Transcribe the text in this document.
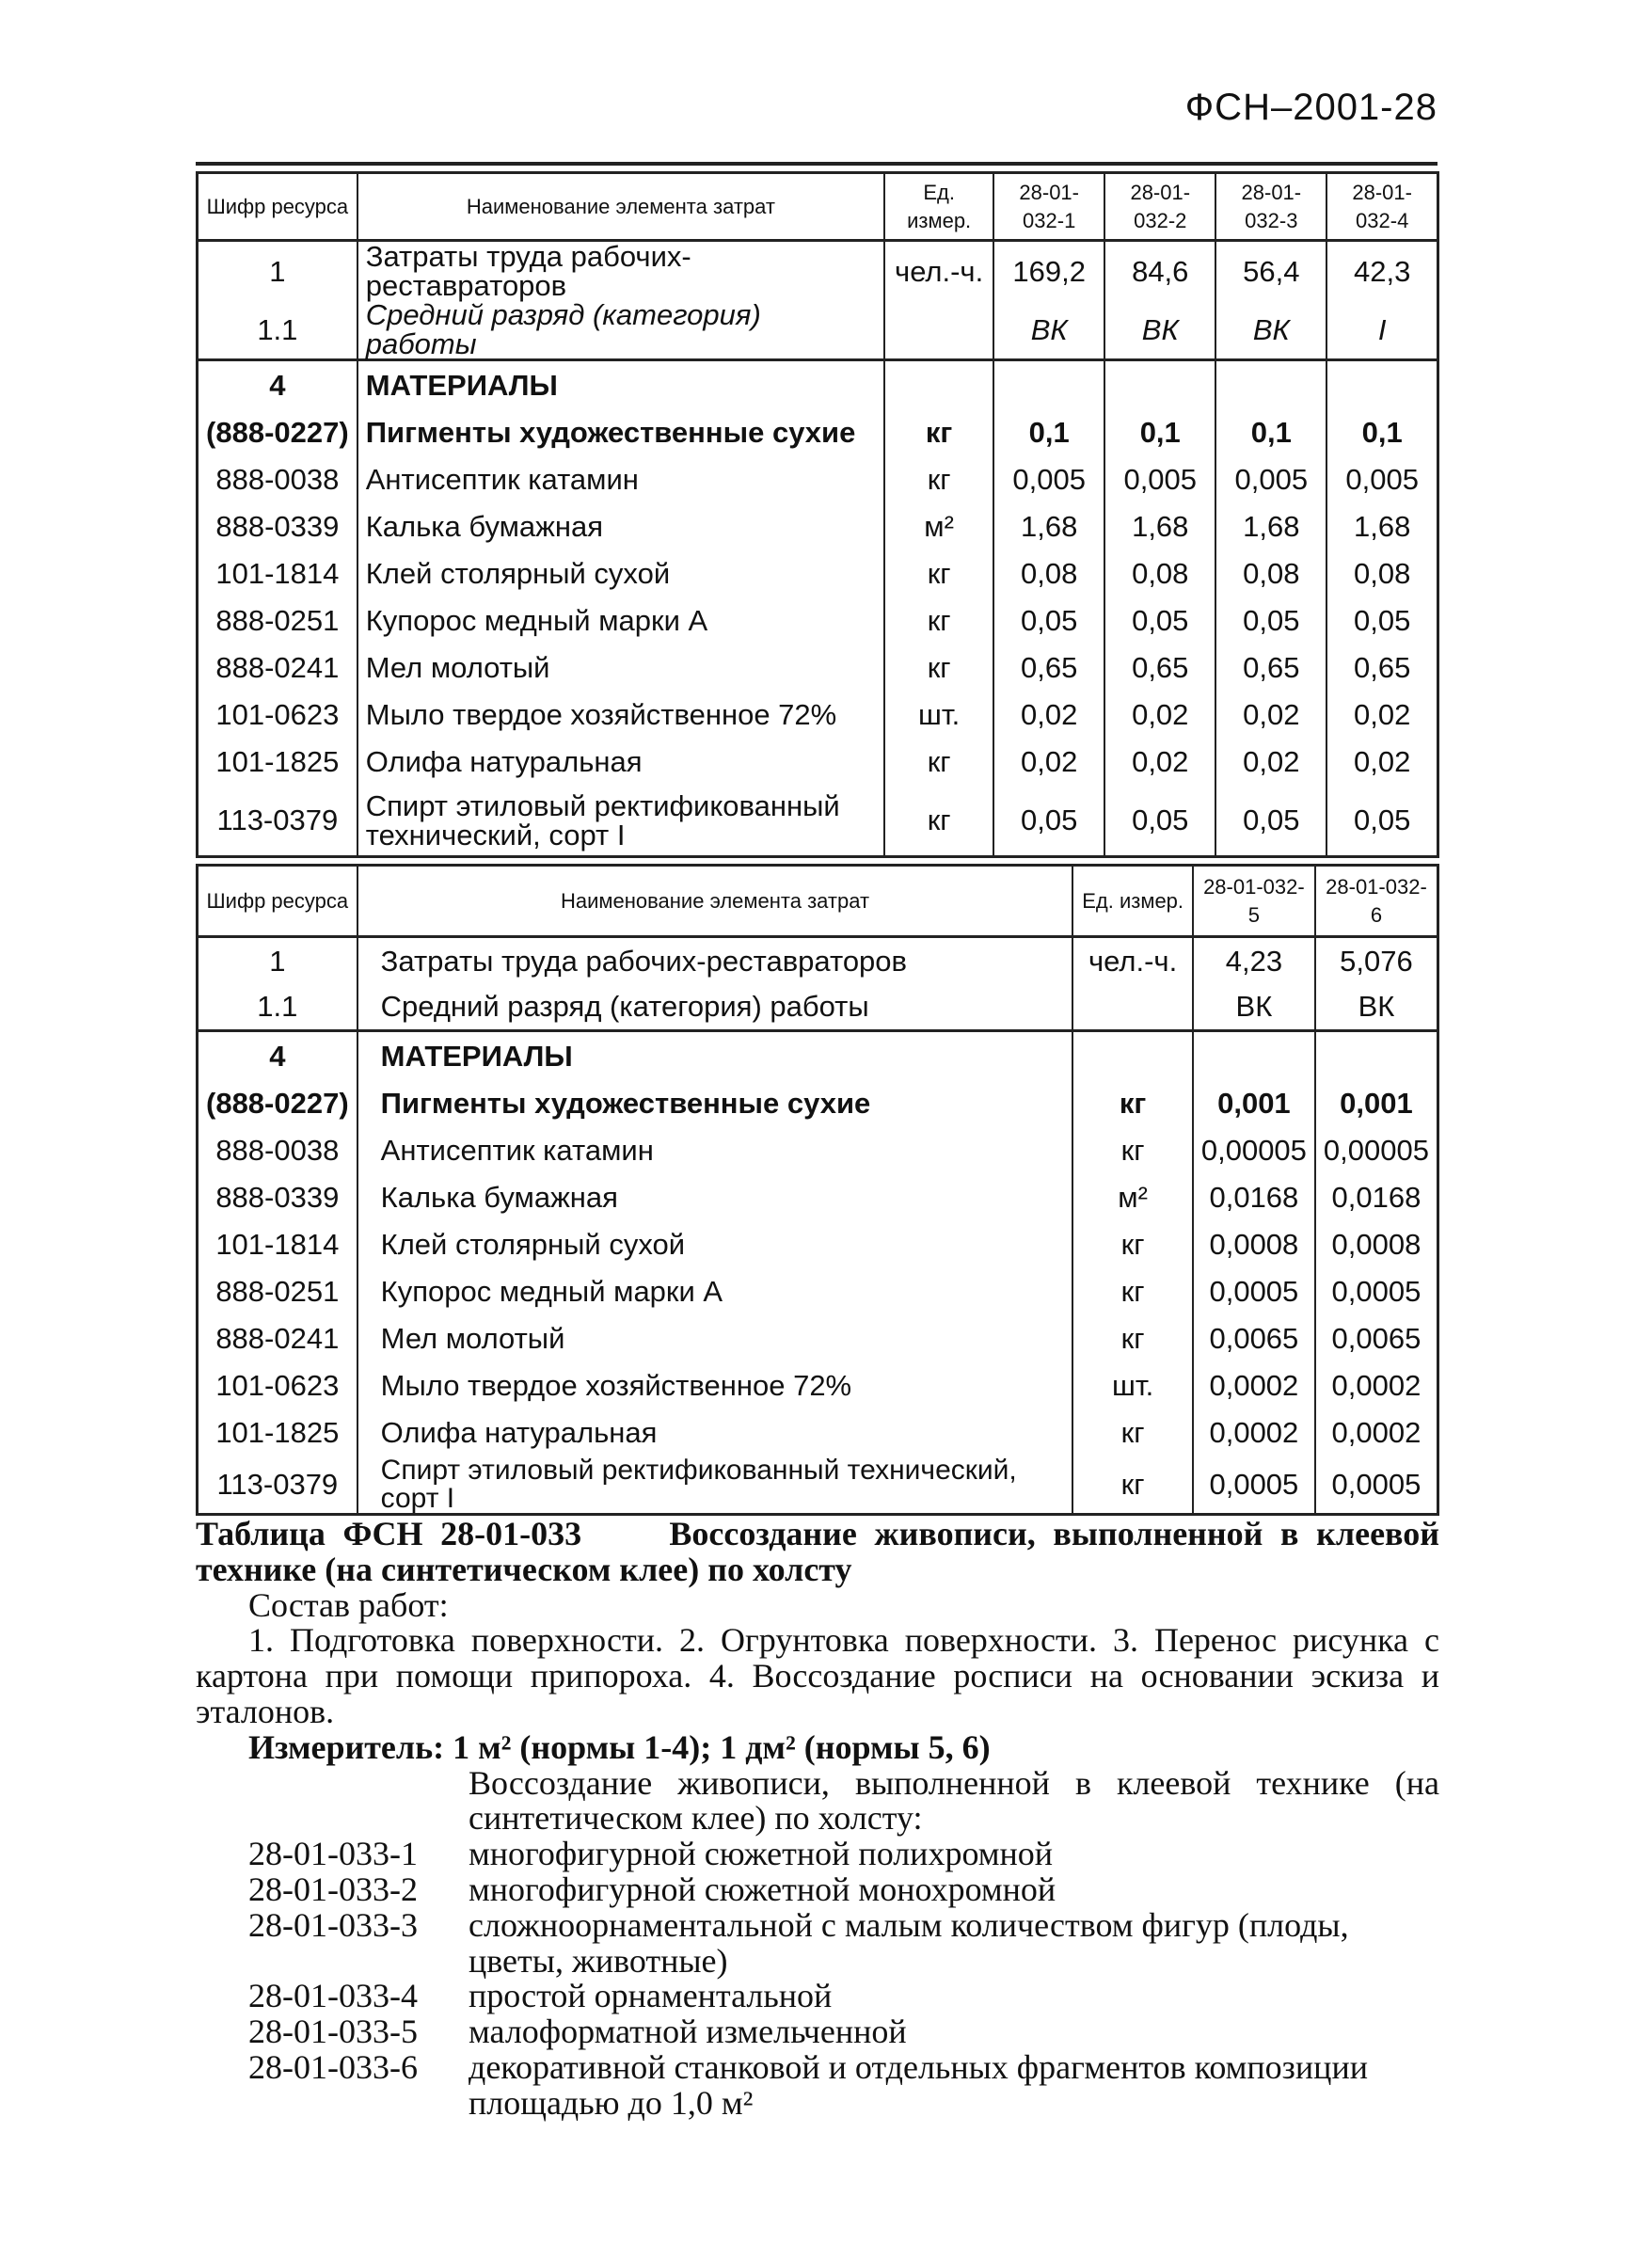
ФСН–2001-28
Шифр ресурса	Наименование элемента затрат	Ед. измер.	28-01-032-1	28-01-032-2	28-01-032-3	28-01-032-4
1	Затраты труда рабочих-реставраторов	чел.-ч.	169,2	84,6	56,4	42,3
1.1	Средний разряд (категория) работы		ВК	ВК	ВК	I
4	МАТЕРИАЛЫ					
(888-0227)	Пигменты художественные сухие	кг	0,1	0,1	0,1	0,1
888-0038	Антисептик катамин	кг	0,005	0,005	0,005	0,005
888-0339	Калька бумажная	м²	1,68	1,68	1,68	1,68
101-1814	Клей столярный сухой	кг	0,08	0,08	0,08	0,08
888-0251	Купорос медный марки А	кг	0,05	0,05	0,05	0,05
888-0241	Мел молотый	кг	0,65	0,65	0,65	0,65
101-0623	Мыло твердое хозяйственное 72%	шт.	0,02	0,02	0,02	0,02
101-1825	Олифа натуральная	кг	0,02	0,02	0,02	0,02
113-0379	Спирт этиловый ректификованный технический, сорт I	кг	0,05	0,05	0,05	0,05
Шифр ресурса	Наименование элемента затрат	Ед. измер.	28-01-032-5	28-01-032-6
1	Затраты труда рабочих-реставраторов	чел.-ч.	4,23	5,076
1.1	Средний разряд (категория) работы		ВК	ВК
4	МАТЕРИАЛЫ			
(888-0227)	Пигменты художественные сухие	кг	0,001	0,001
888-0038	Антисептик катамин	кг	0,00005	0,00005
888-0339	Калька бумажная	м²	0,0168	0,0168
101-1814	Клей столярный сухой	кг	0,0008	0,0008
888-0251	Купорос медный марки А	кг	0,0005	0,0005
888-0241	Мел молотый	кг	0,0065	0,0065
101-0623	Мыло твердое хозяйственное 72%	шт.	0,0002	0,0002
101-1825	Олифа натуральная	кг	0,0002	0,0002
113-0379	Спирт этиловый ректификованный технический, сорт I	кг	0,0005	0,0005

Таблица ФСН 28-01-033     Воссоздание живописи, выполненной в клеевой технике (на синтетическом клее) по холсту

Состав работ:

1. Подготовка поверхности. 2. Огрунтовка поверхности. 3. Перенос рисунка с картона при помощи припороха. 4. Воссоздание росписи на основании эскиза и эталонов.

Измеритель: 1 м² (нормы 1-4); 1 дм² (нормы 5, 6)

Воссоздание живописи, выполненной в клеевой технике (на синтетическом клее) по холсту:

28-01-033-1	многофигурной сюжетной полихромной
28-01-033-2	многофигурной сюжетной монохромной
28-01-033-3	сложноорнаментальной с малым количеством фигур (плоды, цветы, животные)
28-01-033-4	простой орнаментальной
28-01-033-5	малоформатной измельченной
28-01-033-6	декоративной станковой и отдельных фрагментов композиции площадью до 1,0 м²
